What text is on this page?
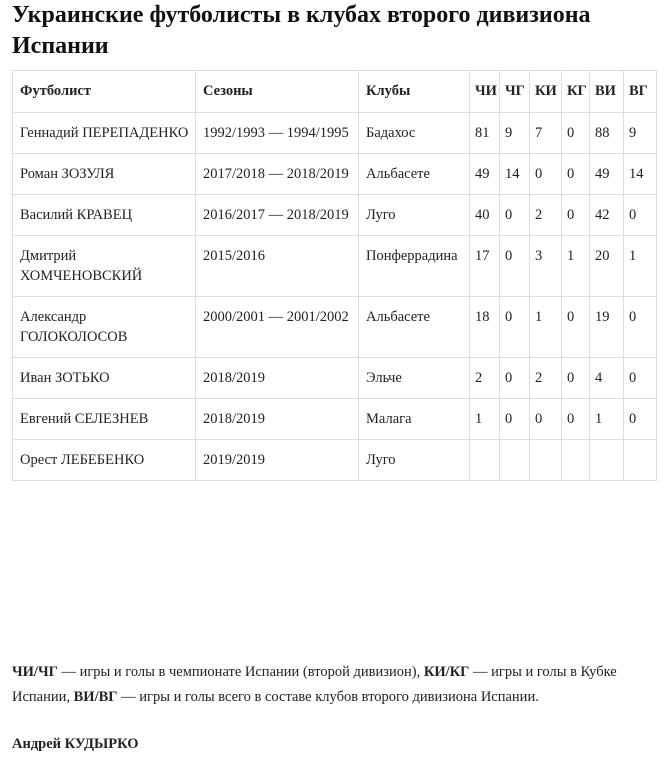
Украинские футболисты в клубах второго дивизиона Испании
Футболист	Сезоны	Клубы	ЧИ	ЧГ	КИ	КГ	ВИ	ВГ
Геннадий ПЕРЕПАДЕНКО	1992/1993 — 1994/1995	Бадахос	81	9	7	0	88	9
Роман ЗОЗУЛЯ	2017/2018 — 2018/2019	Альбасете	49	14	0	0	49	14
Василий КРАВЕЦ	2016/2017 — 2018/2019	Луго	40	0	2	0	42	0
Дмитрий ХОМЧЕНОВСКИЙ	2015/2016	Понферрадина	17	0	3	1	20	1
Александр ГОЛОКОЛОСОВ	2000/2001 — 2001/2002	Альбасете	18	0	1	0	19	0
Иван ЗОТЬКО	2018/2019	Эльче	2	0	2	0	4	0
Евгений СЕЛЕЗНЕВ	2018/2019	Малага	1	0	0	0	1	0
Орест ЛЕБЕБЕНКО	2019/2019	Луго						

ЧИ/ЧГ — игры и голы в чемпионате Испании (второй дивизион), КИ/КГ — игры и голы в Кубке Испании, ВИ/ВГ — игры и голы всего в составе клубов второго дивизиона Испании.

Андрей КУДЫРКО
